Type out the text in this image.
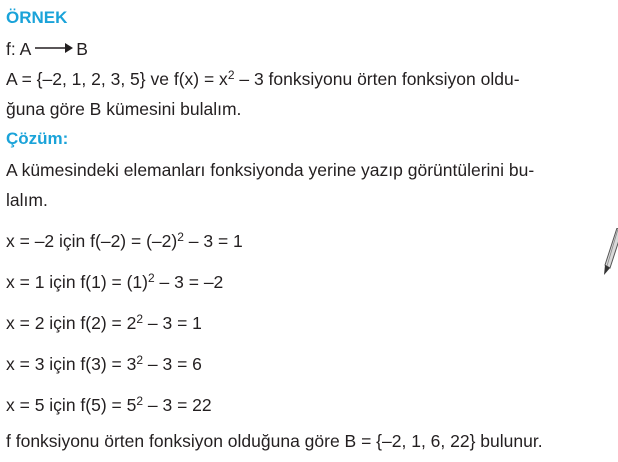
ÖRNEK
f: A	B
A = {–2, 1, 2, 3, 5} ve $f(x) = x^2 - 3$ fonksiyonu örten fonksiyon oldu-
ğuna göre B kümesini bulalım.
Çözüm:
A kümesindeki elemanları fonksiyonda yerine yazıp görüntülerini bu-
lalım.
x = –2 için $f(-2) = (-2)^2 - 3 = 1$
x = 1 için $f(1) = (1)^2 - 3 = -2$
x = 2 için $f(2) = 2^2 - 3 = 1$
x = 3 için $f(3) = 3^2 - 3 = 6$
x = 5 için $f(5) = 5^2 - 3 = 22$
f fonksiyonu örten fonksiyon olduğuna göre B = {–2, 1, 6, 22} bulunur.
